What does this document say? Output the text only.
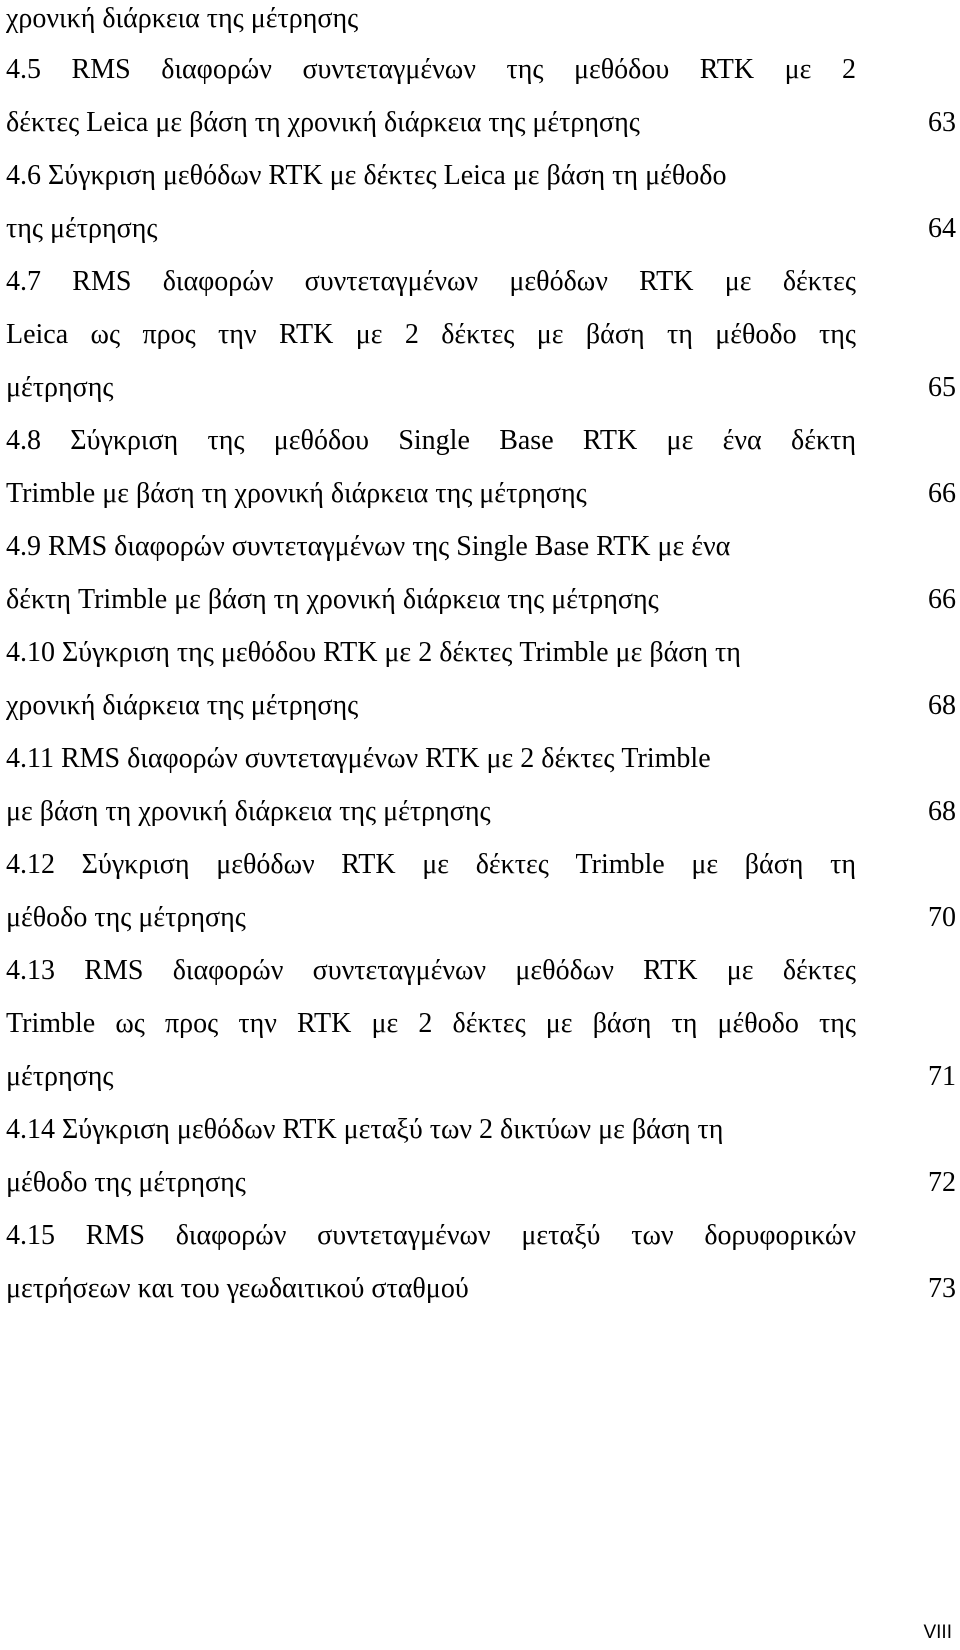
χρονική διάρκεια της μέτρησης
4.5 RMS διαφορών συντεταγμένων της μεθόδου RTK με 2
δέκτες Leica με βάση τη χρονική διάρκεια της μέτρησης	63
4.6 Σύγκριση μεθόδων RTK με δέκτες Leica με βάση τη μέθοδο
της μέτρησης	64
4.7 RMS διαφορών συντεταγμένων μεθόδων RTK με δέκτες
Leica ως προς την RTK με 2 δέκτες με βάση τη μέθοδο της
μέτρησης	65
4.8 Σύγκριση της μεθόδου Single Base RTK με ένα δέκτη
Trimble με βάση τη χρονική διάρκεια της μέτρησης	66
4.9 RMS διαφορών συντεταγμένων της Single Base RTK με ένα
δέκτη Trimble με βάση τη χρονική διάρκεια της μέτρησης	66
4.10 Σύγκριση της μεθόδου RTK με 2 δέκτες Trimble με βάση τη
χρονική διάρκεια της μέτρησης	68
4.11 RMS διαφορών συντεταγμένων RTK με 2 δέκτες Trimble
με βάση τη χρονική διάρκεια της μέτρησης	68
4.12 Σύγκριση μεθόδων RTK με δέκτες Trimble με βάση τη
μέθοδο της μέτρησης	70
4.13 RMS διαφορών συντεταγμένων μεθόδων RTK με δέκτες
Trimble ως προς την RTK με 2 δέκτες με βάση τη μέθοδο της
μέτρησης	71
4.14 Σύγκριση μεθόδων RTK μεταξύ των 2 δικτύων με βάση τη
μέθοδο της μέτρησης	72
4.15 RMS διαφορών συντεταγμένων μεταξύ των δορυφορικών
μετρήσεων και του γεωδαιτικού σταθμού	73
VIII
